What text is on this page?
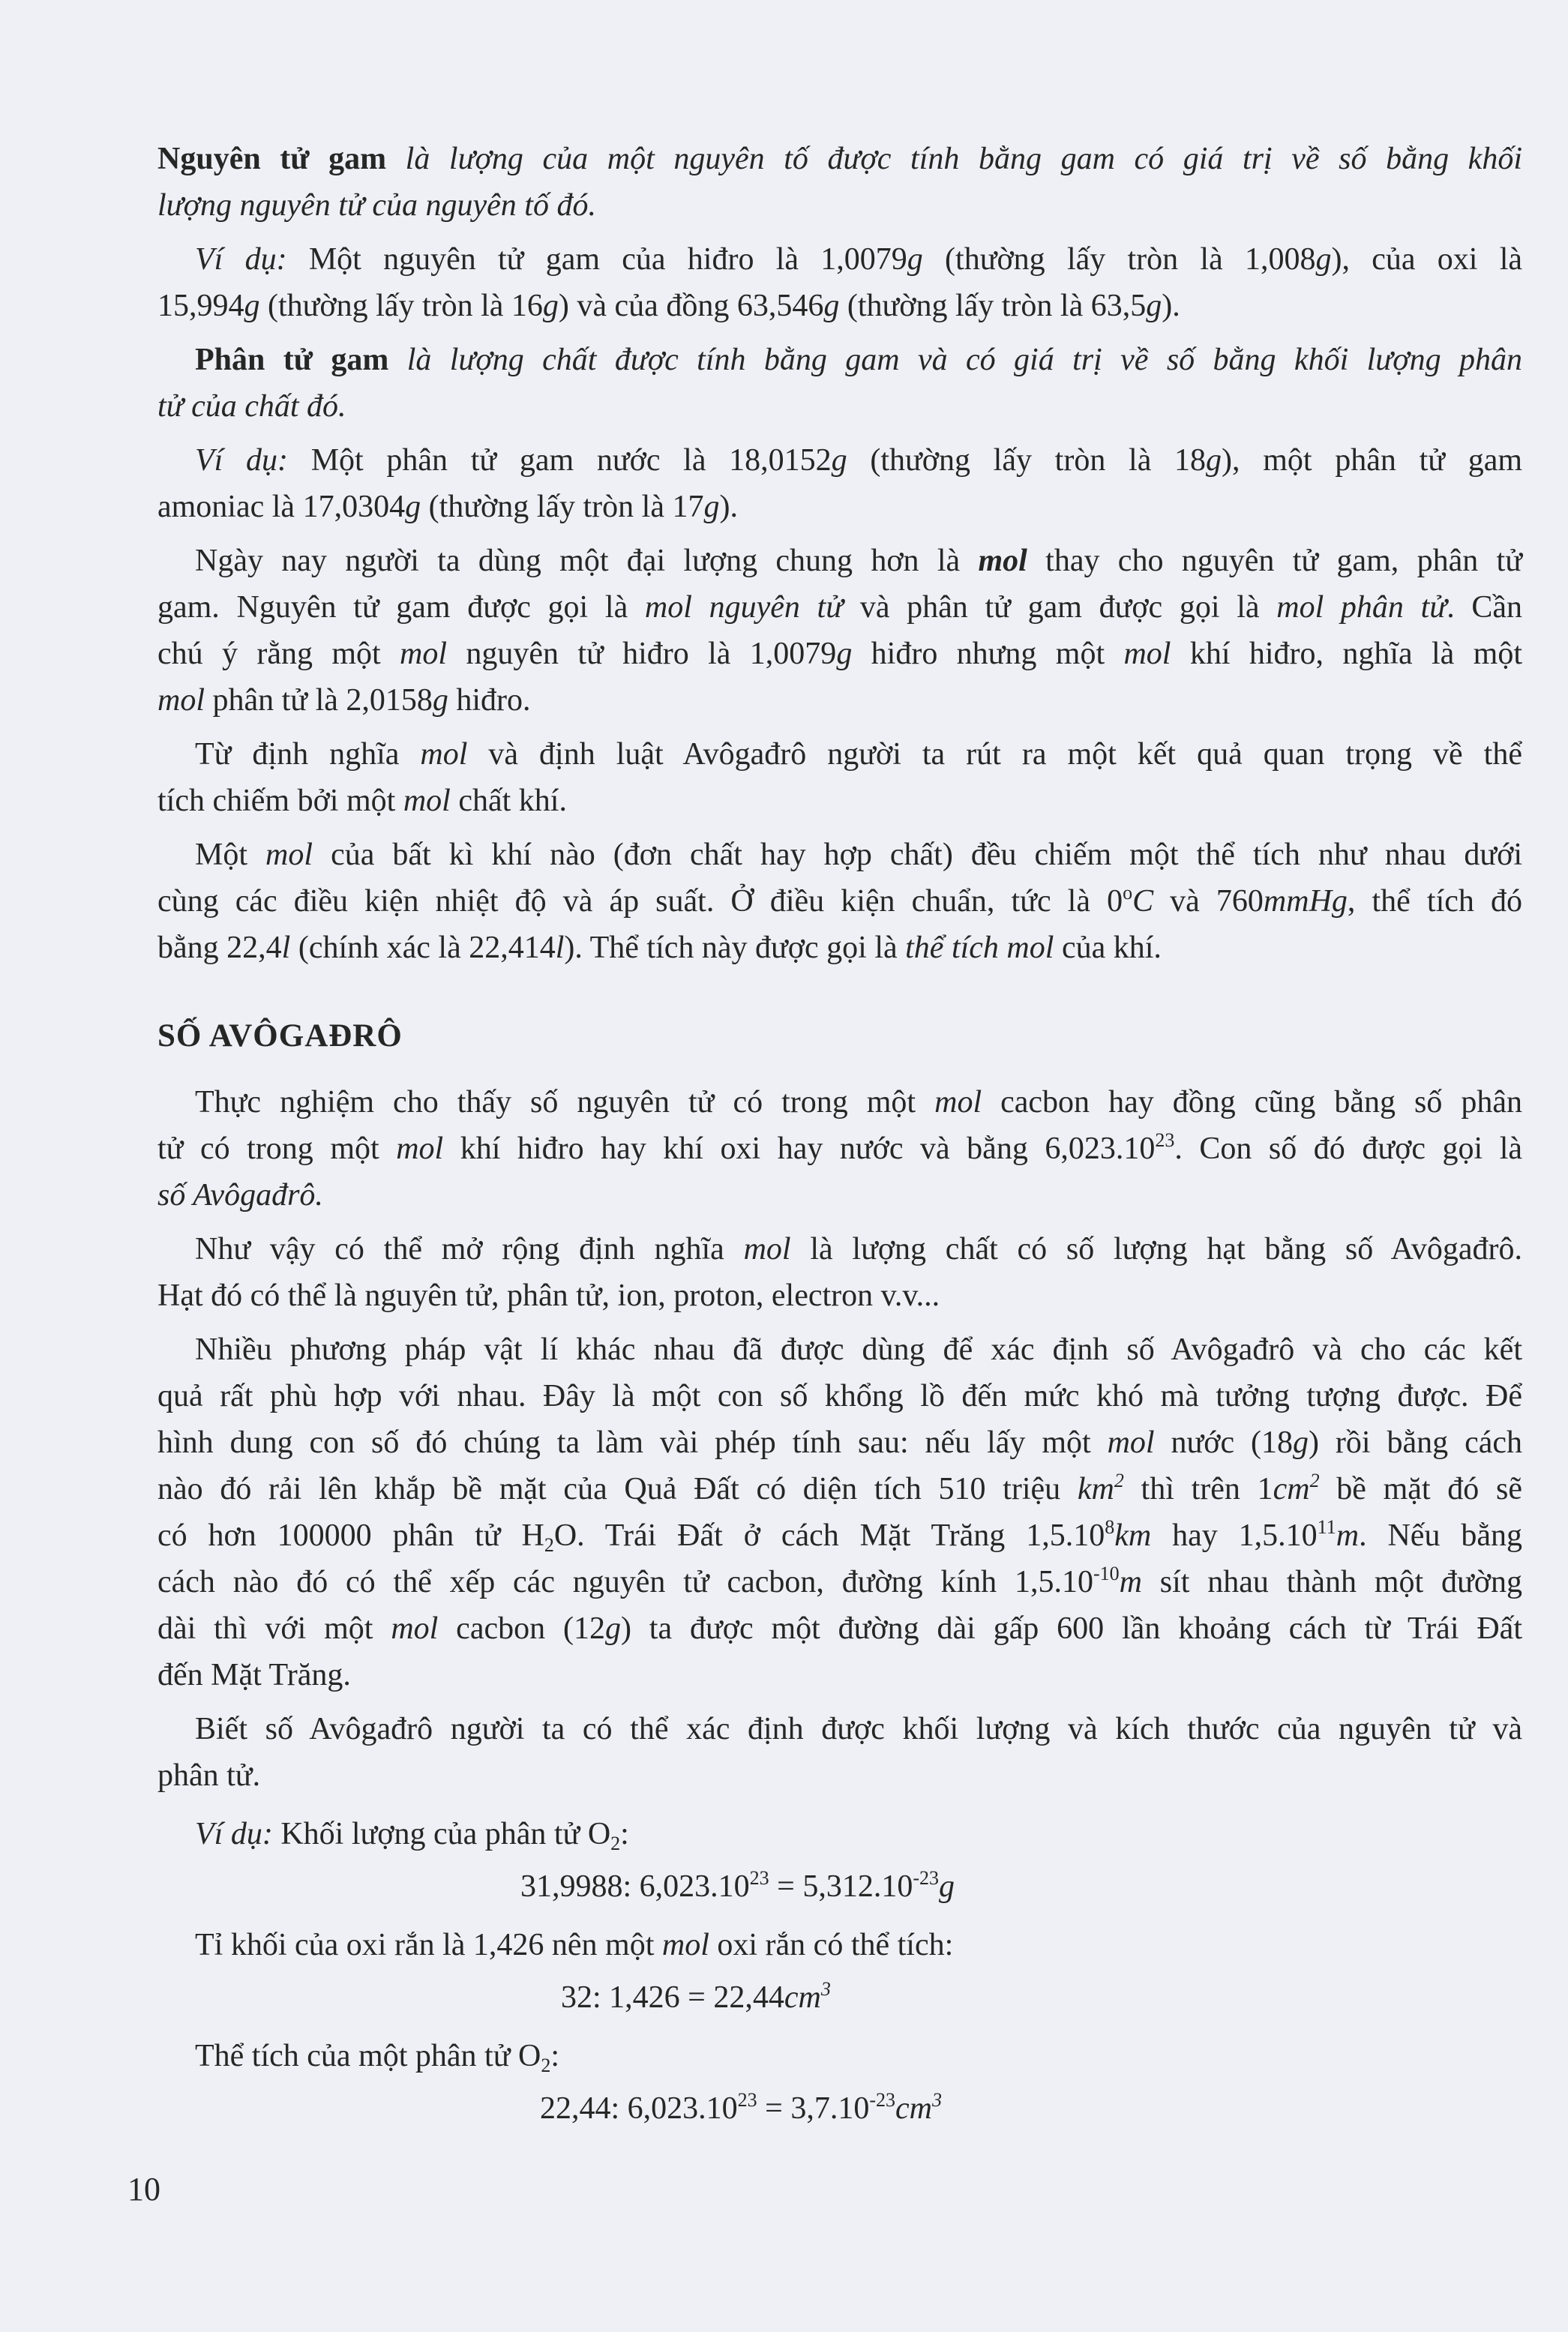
Nguyên tử gam là lượng của một nguyên tố được tính bằng gam có giá trị về số bằng khối
lượng nguyên tử của nguyên tố đó.
Ví dụ: Một nguyên tử gam của hiđro là 1,0079g (thường lấy tròn là 1,008g), của oxi là
15,994g (thường lấy tròn là 16g) và của đồng 63,546g (thường lấy tròn là 63,5g).
Phân tử gam là lượng chất được tính bằng gam và có giá trị về số bằng khối lượng phân
tử của chất đó.
Ví dụ: Một phân tử gam nước là 18,0152g (thường lấy tròn là 18g), một phân tử gam
amoniac là 17,0304g (thường lấy tròn là 17g).
Ngày nay người ta dùng một đại lượng chung hơn là mol thay cho nguyên tử gam, phân tử
gam. Nguyên tử gam được gọi là mol nguyên tử và phân tử gam được gọi là mol phân tử. Cần
chú ý rằng một mol nguyên tử hiđro là 1,0079g hiđro nhưng một mol khí hiđro, nghĩa là một
mol phân tử là 2,0158g hiđro.
Từ định nghĩa mol và định luật Avôgađrô người ta rút ra một kết quả quan trọng về thể
tích chiếm bởi một mol chất khí.
Một mol của bất kì khí nào (đơn chất hay hợp chất) đều chiếm một thể tích như nhau dưới
cùng các điều kiện nhiệt độ và áp suất. Ở điều kiện chuẩn, tức là 0$^o$C và 760mmHg, thể tích đó
bằng 22,4l (chính xác là 22,414l). Thể tích này được gọi là thể tích mol của khí.
SỐ AVÔGAĐRÔ
Thực nghiệm cho thấy số nguyên tử có trong một mol cacbon hay đồng cũng bằng số phân
tử có trong một mol khí hiđro hay khí oxi hay nước và bằng 6,023.10$^{23}$. Con số đó được gọi là
số Avôgađrô.
Như vậy có thể mở rộng định nghĩa mol là lượng chất có số lượng hạt bằng số Avôgađrô.
Hạt đó có thể là nguyên tử, phân tử, ion, proton, electron v.v...
Nhiều phương pháp vật lí khác nhau đã được dùng để xác định số Avôgađrô và cho các kết
quả rất phù hợp với nhau. Đây là một con số khổng lồ đến mức khó mà tưởng tượng được. Để
hình dung con số đó chúng ta làm vài phép tính sau: nếu lấy một mol nước (18g) rồi bằng cách
nào đó rải lên khắp bề mặt của Quả Đất có diện tích 510 triệu $km^2$ thì trên $1cm^2$ bề mặt đó sẽ
có hơn 100000 phân tử $H_2O$. Trái Đất ở cách Mặt Trăng 1,5.10$^8$km hay 1,5.10$^{11}$m. Nếu bằng
cách nào đó có thể xếp các nguyên tử cacbon, đường kính $1,5.10^{-10}m$ sít nhau thành một đường
dài thì với một mol cacbon (12g) ta được một đường dài gấp 600 lần khoảng cách từ Trái Đất
đến Mặt Trăng.
Biết số Avôgađrô người ta có thể xác định được khối lượng và kích thước của nguyên tử và
phân tử.
Ví dụ: Khối lượng của phân tử $O_2$:
31,9988: $6,023.10^{23} = 5,312.10^{-23}g$
Tỉ khối của oxi rắn là 1,426 nên một mol oxi rắn có thể tích:
32: $1,426 = 22,44cm^3$
Thể tích của một phân tử $O_2$:
22,44: $6,023.10^{23} = 3,7.10^{-23}cm^3$
10
